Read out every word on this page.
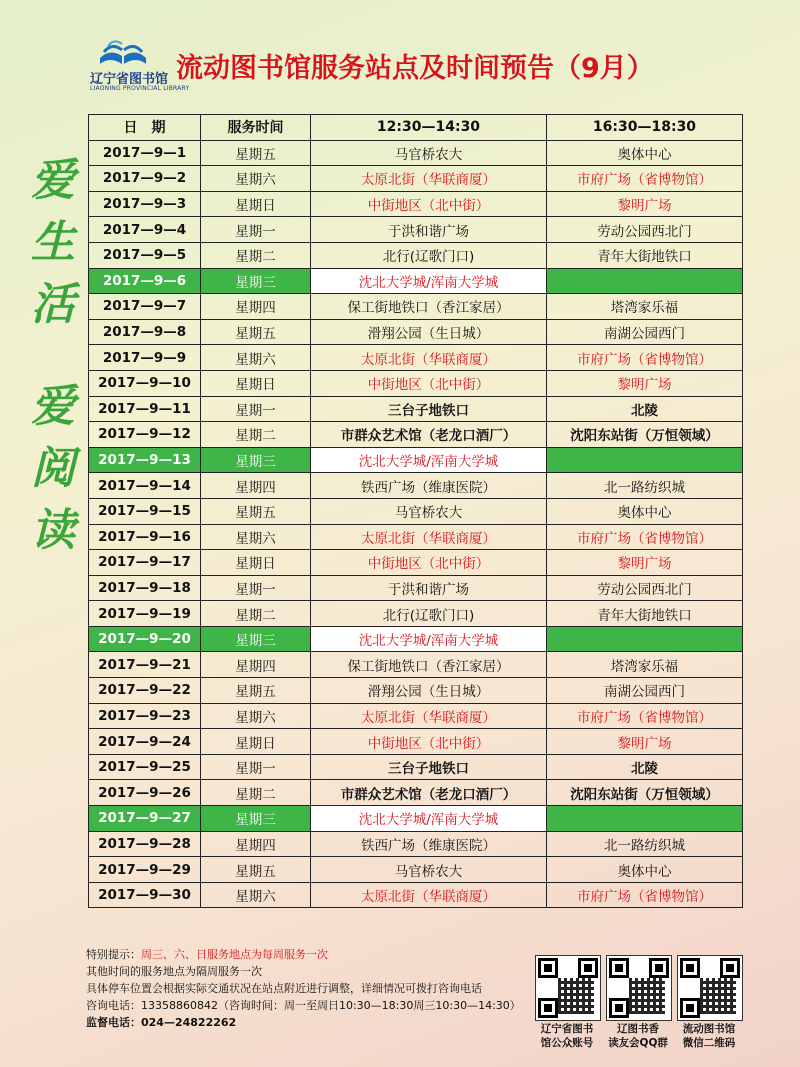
辽宁省图书馆
LIAONING PROVINCIAL LIBRARY
流动图书馆服务站点及时间预告（9月）
爱
生
活
爱
阅
读
日　期	服务时间	12:30—14:30	16:30—18:30
2017—9—1	星期五	马官桥农大	奥体中心
2017—9—2	星期六	太原北街（华联商厦）	市府广场（省博物馆）
2017—9—3	星期日	中街地区（北中街）	黎明广场
2017—9—4	星期一	于洪和谐广场	劳动公园西北门
2017—9—5	星期二	北行(辽歌门口)	青年大街地铁口
2017—9—6	星期三	沈北大学城/浑南大学城	
2017—9—7	星期四	保工街地铁口（香江家居）	塔湾家乐福
2017—9—8	星期五	滑翔公园（生日城）	南湖公园西门
2017—9—9	星期六	太原北街（华联商厦）	市府广场（省博物馆）
2017—9—10	星期日	中街地区（北中街）	黎明广场
2017—9—11	星期一	三台子地铁口	北陵
2017—9—12	星期二	市群众艺术馆（老龙口酒厂）	沈阳东站街（万恒领域）
2017—9—13	星期三	沈北大学城/浑南大学城	
2017—9—14	星期四	铁西广场（维康医院）	北一路纺织城
2017—9—15	星期五	马官桥农大	奥体中心
2017—9—16	星期六	太原北街（华联商厦）	市府广场（省博物馆）
2017—9—17	星期日	中街地区（北中街）	黎明广场
2017—9—18	星期一	于洪和谐广场	劳动公园西北门
2017—9—19	星期二	北行(辽歌门口)	青年大街地铁口
2017—9—20	星期三	沈北大学城/浑南大学城	
2017—9—21	星期四	保工街地铁口（香江家居）	塔湾家乐福
2017—9—22	星期五	滑翔公园（生日城）	南湖公园西门
2017—9—23	星期六	太原北街（华联商厦）	市府广场（省博物馆）
2017—9—24	星期日	中街地区（北中街）	黎明广场
2017—9—25	星期一	三台子地铁口	北陵
2017—9—26	星期二	市群众艺术馆（老龙口酒厂）	沈阳东站街（万恒领域）
2017—9—27	星期三	沈北大学城/浑南大学城	
2017—9—28	星期四	铁西广场（维康医院）	北一路纺织城
2017—9—29	星期五	马官桥农大	奥体中心
2017—9—30	星期六	太原北街（华联商厦）	市府广场（省博物馆）
特别提示：周三、六、日服务地点为每周服务一次
其他时间的服务地点为隔周服务一次
具体停车位置会根据实际交通状况在站点附近进行调整，详细情况可拨打咨询电话
咨询电话：13358860842（咨询时间：周一至周日10:30—18:30周三10:30—14:30）
监督电话：024—24822262	辽宁省图书
馆公众账号
辽图书香
读友会QQ群
流动图书馆
微信二维码
